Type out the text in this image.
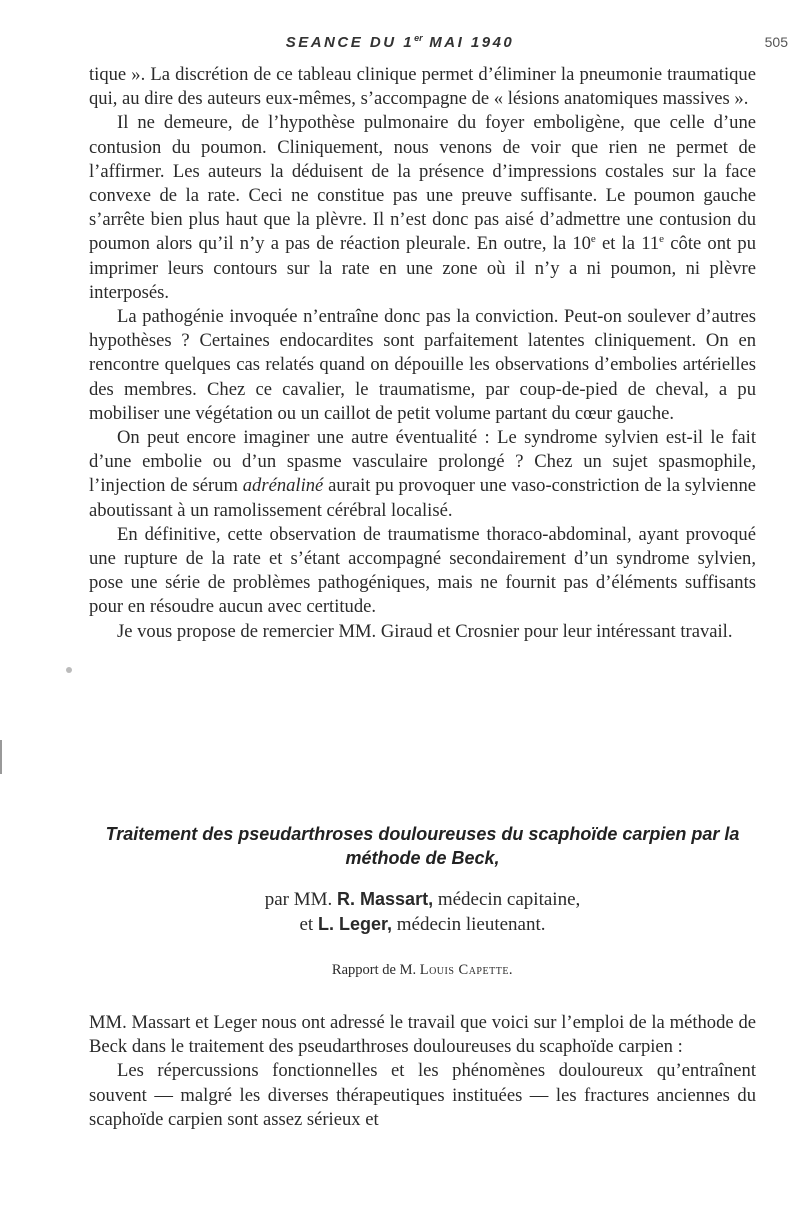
SEANCE DU 1er MAI 1940	505

tique ». La discrétion de ce tableau clinique permet d’éliminer la pneumonie traumatique qui, au dire des auteurs eux-mêmes, s’accompagne de « lésions anatomiques massives ».

Il ne demeure, de l’hypothèse pulmonaire du foyer emboligène, que celle d’une contusion du poumon. Cliniquement, nous venons de voir que rien ne permet de l’affirmer. Les auteurs la déduisent de la présence d’impressions costales sur la face convexe de la rate. Ceci ne constitue pas une preuve suffisante. Le poumon gauche s’arrête bien plus haut que la plèvre. Il n’est donc pas aisé d’admettre une contusion du poumon alors qu’il n’y a pas de réaction pleurale. En outre, la 10e et la 11e côte ont pu imprimer leurs contours sur la rate en une zone où il n’y a ni poumon, ni plèvre interposés.

La pathogénie invoquée n’entraîne donc pas la conviction. Peut-on soulever d’autres hypothèses ? Certaines endocardites sont parfaitement latentes cliniquement. On en rencontre quelques cas relatés quand on dépouille les observations d’embolies artérielles des membres. Chez ce cavalier, le traumatisme, par coup-de-pied de cheval, a pu mobiliser une végétation ou un caillot de petit volume partant du cœur gauche.

On peut encore imaginer une autre éventualité : Le syndrome sylvien est-il le fait d’une embolie ou d’un spasme vasculaire prolongé ? Chez un sujet spasmophile, l’injection de sérum adrénaliné aurait pu provoquer une vaso-constriction de la sylvienne aboutissant à un ramolissement cérébral localisé.

En définitive, cette observation de traumatisme thoraco-abdominal, ayant provoqué une rupture de la rate et s’étant accompagné secondairement d’un syndrome sylvien, pose une série de problèmes pathogéniques, mais ne fournit pas d’éléments suffisants pour en résoudre aucun avec certitude.

Je vous propose de remercier MM. Giraud et Crosnier pour leur intéressant travail.

Traitement des pseudarthroses douloureuses du scaphoïde carpien par la méthode de Beck,
par MM. R. Massart, médecin capitaine,
et L. Leger, médecin lieutenant.
Rapport de M. Louis Capette.

MM. Massart et Leger nous ont adressé le travail que voici sur l’emploi de la méthode de Beck dans le traitement des pseudarthroses douloureuses du scaphoïde carpien :

Les répercussions fonctionnelles et les phénomènes douloureux qu’entraînent souvent — malgré les diverses thérapeutiques instituées — les fractures anciennes du scaphoïde carpien sont assez sérieux et
